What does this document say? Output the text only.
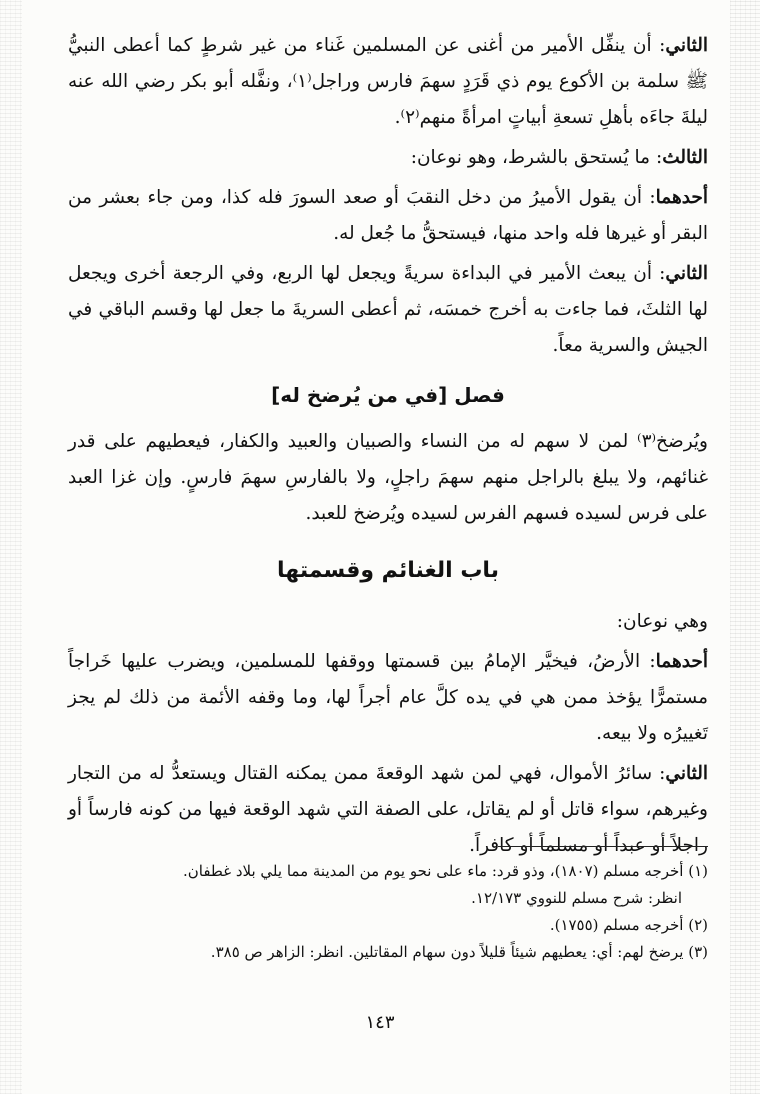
الثاني: أن ينفِّل الأمير من أغنى عن المسلمين غَناء من غير شرطٍ كما أعطى النبيُّ ﷺ سلمة بن الأكوع يوم ذي قَرَدٍ سهمَ فارس وراجل⁽١⁾، ونفَّله أبو بكر رضي الله عنه ليلةَ جاءَه بأهلِ تسعةِ أبياتٍ امرأةً منهم⁽٢⁾.

الثالث: ما يُستحق بالشرط، وهو نوعان:

أحدهما: أن يقول الأميرُ من دخل النقبَ أو صعد السورَ فله كذا، ومن جاء بعشر من البقر أو غيرها فله واحد منها، فيستحقُّ ما جُعل له.

الثاني: أن يبعث الأمير في البداءة سريةً ويجعل لها الربع، وفي الرجعة أخرى ويجعل لها الثلثَ، فما جاءت به أخرج خمسَه، ثم أعطى السريةَ ما جعل لها وقسم الباقي في الجيش والسرية معاً.

فصل [في من يُرضخ له]

ويُرضخ⁽٣⁾ لمن لا سهم له من النساء والصبيان والعبيد والكفار، فيعطيهم على قدر غنائهم، ولا يبلغ بالراجل منهم سهمَ راجلٍ، ولا بالفارسِ سهمَ فارسٍ. وإن غزا العبد على فرس لسيده فسهم الفرس لسيده ويُرضخ للعبد.

باب الغنائم وقسمتها

وهي نوعان:

أحدهما: الأرضُ، فيخيَّر الإمامُ بين قسمتها ووقفها للمسلمين، ويضرب عليها خَراجاً مستمرًّا يؤخذ ممن هي في يده كلَّ عام أجراً لها، وما وقفه الأئمة من ذلك لم يجز تَغييرُه ولا بيعه.

الثاني: سائرُ الأموال، فهي لمن شهد الوقعةَ ممن يمكنه القتال ويستعدُّ له من التجار وغيرهم، سواء قاتل أو لم يقاتل، على الصفة التي شهد الوقعة فيها من كونه فارساً أو راجلاً أو عبداً أو مسلماً أو كافراً.

(١) أخرجه مسلم (١٨٠٧)، وذو قرد: ماء على نحو يوم من المدينة مما يلي بلاد غطفان.
انظر: شرح مسلم للنووي ١٢/١٧٣.
(٢) أخرجه مسلم (١٧٥٥).
(٣) يرضخ لهم: أي: يعطيهم شيئاً قليلاً دون سهام المقاتلين. انظر: الزاهر ص ٣٨٥.
١٤٣
